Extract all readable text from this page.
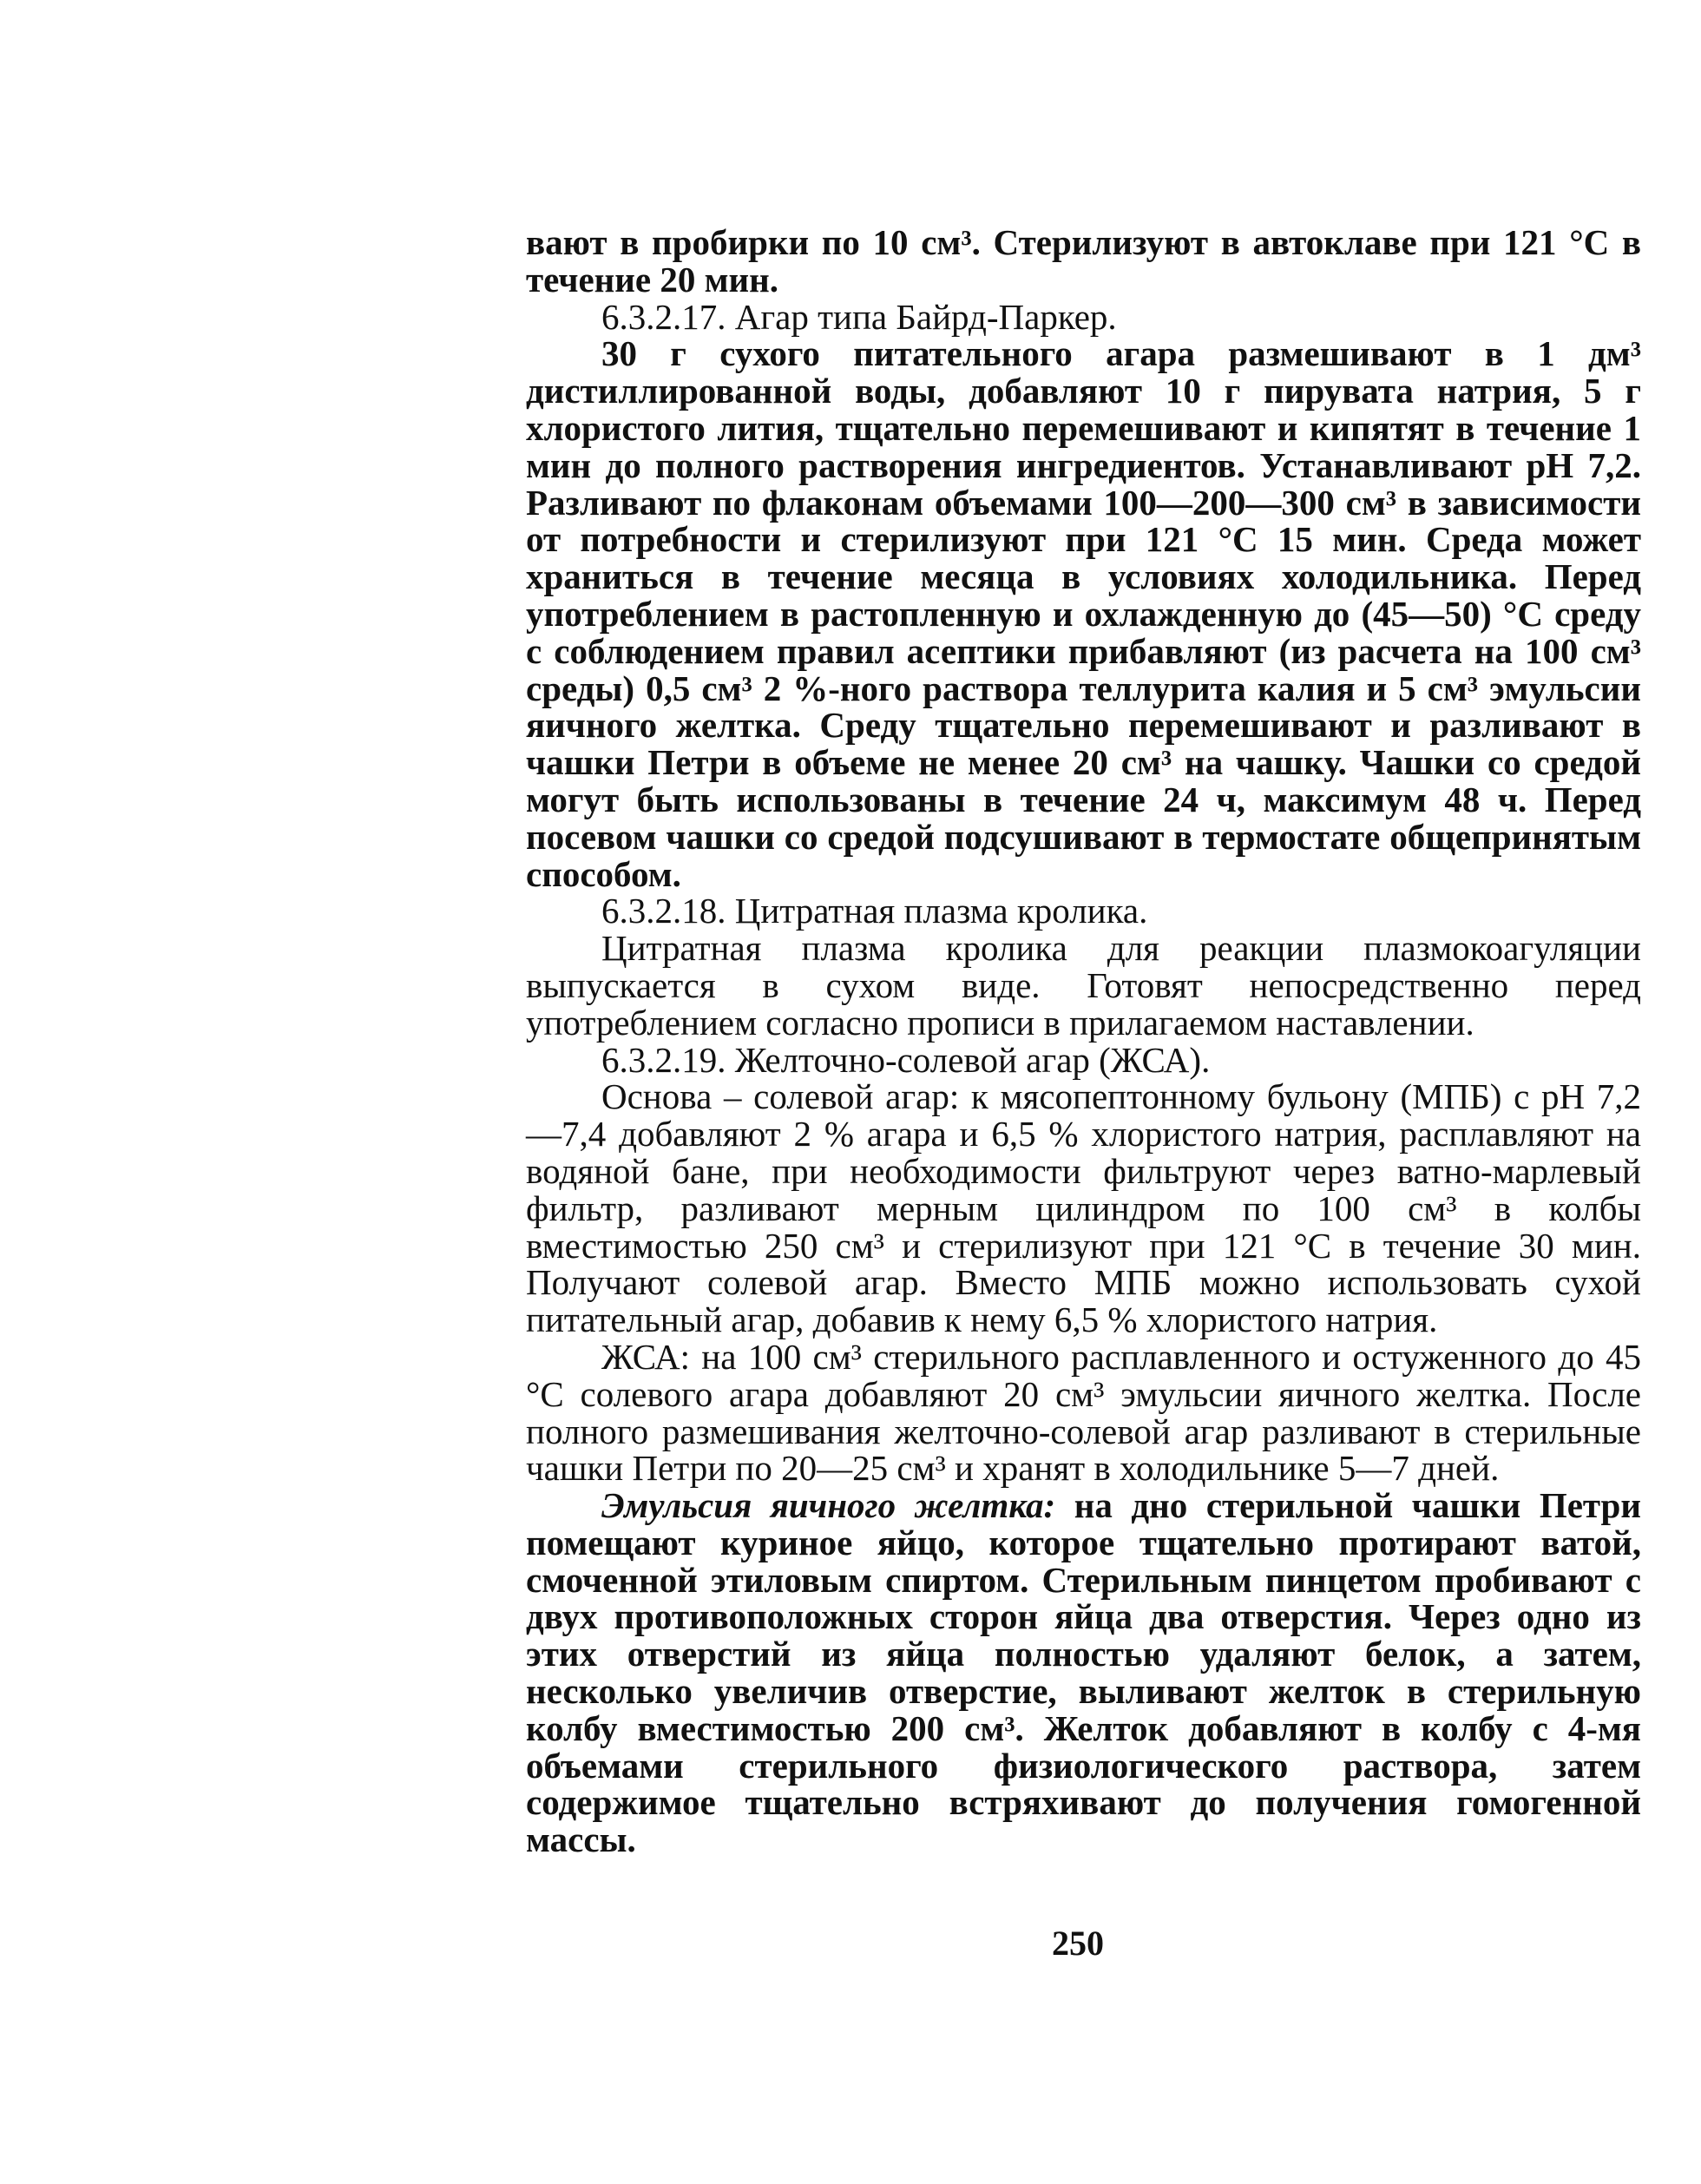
вают в пробирки по 10 см³. Стерилизуют в автоклаве при 121 °С в течение 20 мин.

6.3.2.17. Агар типа Байрд-Паркер.

30 г сухого питательного агара размешивают в 1 дм³ дистиллированной воды, добавляют 10 г пирувата натрия, 5 г хлористого лития, тщательно перемешивают и кипятят в течение 1 мин до полного растворения ингредиентов. Устанавливают pH 7,2. Разливают по флаконам объемами 100—200—300 см³ в зависимости от потребности и стерилизуют при 121 °С 15 мин. Среда может храниться в течение месяца в условиях холодильника. Перед употреблением в растопленную и охлажденную до (45—50) °С среду с соблюдением правил асептики прибавляют (из расчета на 100 см³ среды) 0,5 см³ 2 %-ного раствора теллурита калия и 5 см³ эмульсии яичного желтка. Среду тщательно перемешивают и разливают в чашки Петри в объеме не менее 20 см³ на чашку. Чашки со средой могут быть использованы в течение 24 ч, максимум 48 ч. Перед посевом чашки со средой подсушивают в термостате общепринятым способом.

6.3.2.18. Цитратная плазма кролика.

Цитратная плазма кролика для реакции плазмокоагуляции выпускается в сухом виде. Готовят непосредственно перед употреблением согласно прописи в прилагаемом наставлении.

6.3.2.19. Желточно-солевой агар (ЖСА).

Основа – солевой агар: к мясопептонному бульону (МПБ) с pH 7,2—7,4 добавляют 2 % агара и 6,5 % хлористого натрия, расплавляют на водяной бане, при необходимости фильтруют через ватно-марлевый фильтр, разливают мерным цилиндром по 100 см³ в колбы вместимостью 250 см³ и стерилизуют при 121 °С в течение 30 мин. Получают солевой агар. Вместо МПБ можно использовать сухой питательный агар, добавив к нему 6,5 % хлористого натрия.

ЖСА: на 100 см³ стерильного расплавленного и остуженного до 45 °С солевого агара добавляют 20 см³ эмульсии яичного желтка. После полного размешивания желточно-солевой агар разливают в стерильные чашки Петри по 20—25 см³ и хранят в холодильнике 5—7 дней.

Эмульсия яичного желтка: на дно стерильной чашки Петри помещают куриное яйцо, которое тщательно протирают ватой, смоченной этиловым спиртом. Стерильным пинцетом пробивают с двух противоположных сторон яйца два отверстия. Через одно из этих отверстий из яйца полностью удаляют белок, а затем, несколько увеличив отверстие, выливают желток в стерильную колбу вместимостью 200 см³. Желток добавляют в колбу с 4-мя объемами стерильного физиологического раствора, затем содержимое тщательно встряхивают до получения гомогенной массы.

250
